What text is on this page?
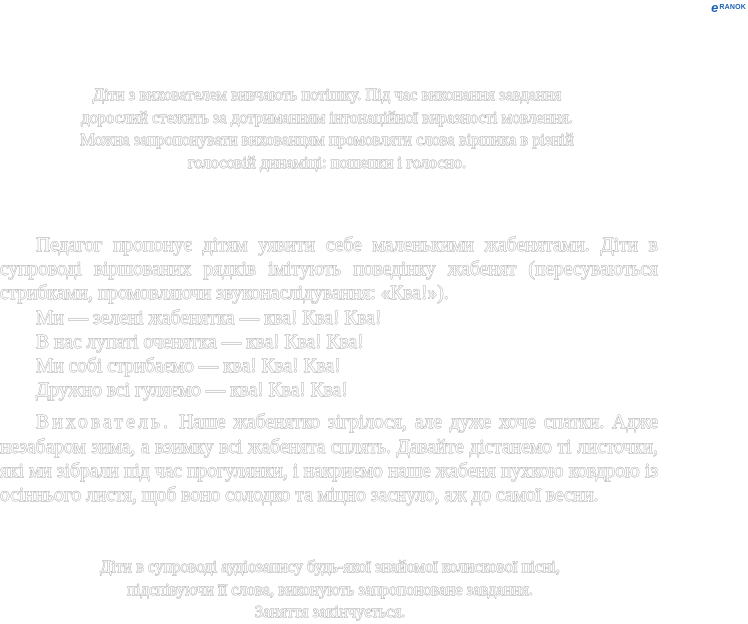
e RANOK
Діти з вихователем вивчають потішку. Під час виконання завдання дорослий стежить за дотриманням інтонаційної виразності мовлення. Можна запропонувати вихованцям промовляти слова віршика в різній голосовій динаміці: пошепки і голосно.

Педагог пропонує дітям уявити себе маленькими жабенятами. Діти в супроводі віршованих рядків імітують поведінку жабенят (пересуваються стрибками, промовляючи звуконаслідування: «Ква!»).

Ми — зелені жабенятка — ква! Ква! Ква!

В нас лупаті оченятка — ква! Ква! Ква!

Ми собі стрибаємо — ква! Ква! Ква!

Дружно всі гуляємо — ква! Ква! Ква!

Вихователь. Наше жабенятко зігрілося, але дуже хоче спатки. Адже незабаром зима, а взимку всі жабенята сплять. Давайте дістанемо ті листочки, які ми зібрали під час прогулянки, і накриємо наше жабеня пухкою ковдрою із осіннього листя, щоб воно солодко та міцно заснуло, аж до самої весни.

Діти в супроводі аудіозапису будь-якої знайомої колискової пісні,
підспівуючи її слова, виконують запропоноване завдання.
Заняття закінчується.
